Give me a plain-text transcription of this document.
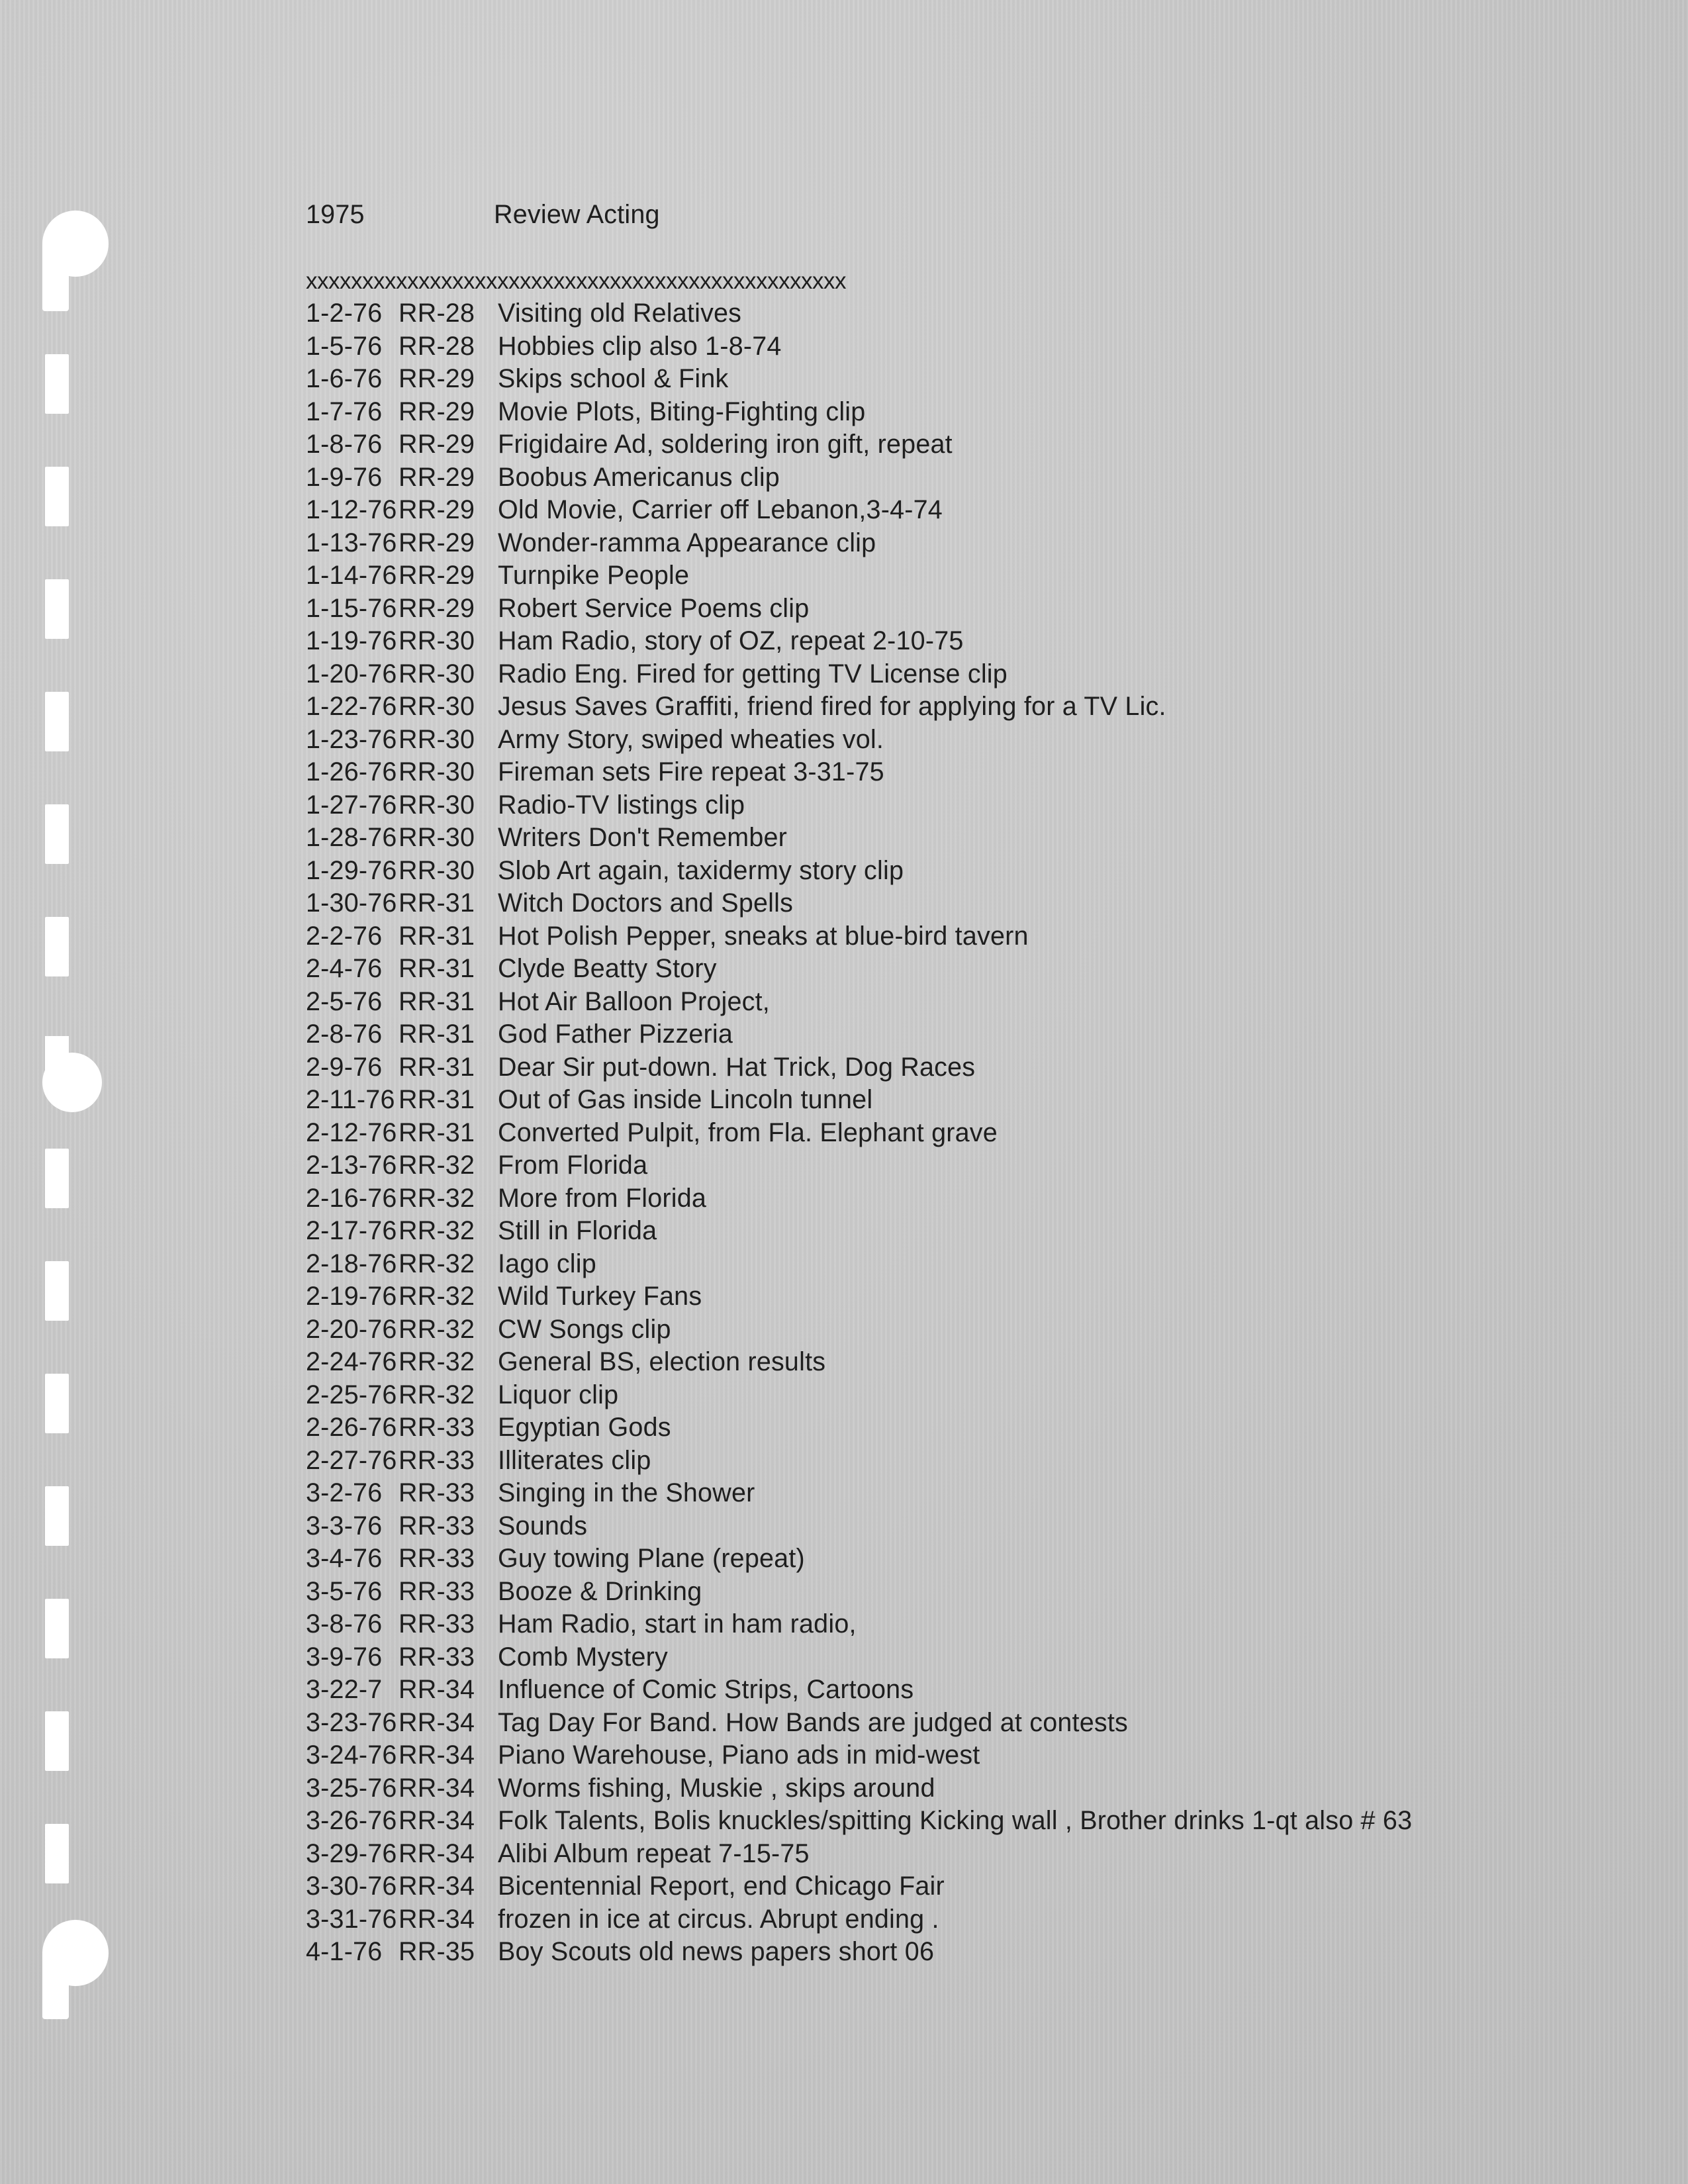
1975	Review Acting
xxxxxxxxxxxxxxxxxxxxxxxxxxxxxxxxxxxxxxxxxxxxxxxx
1-2-76 RR-28 Visiting old Relatives
1-5-76 RR-28 Hobbies clip also 1-8-74
1-6-76 RR-29 Skips school & Fink
1-7-76 RR-29 Movie Plots, Biting-Fighting clip
1-8-76 RR-29 Frigidaire Ad, soldering iron gift, repeat
1-9-76 RR-29 Boobus Americanus clip
1-12-76RR-29 Old Movie, Carrier off Lebanon,3-4-74
1-13-76RR-29 Wonder-ramma Appearance clip
1-14-76RR-29 Turnpike People
1-15-76RR-29 Robert Service Poems clip
1-19-76RR-30 Ham Radio, story of OZ, repeat 2-10-75
1-20-76RR-30 Radio Eng. Fired for getting TV License clip
1-22-76RR-30 Jesus Saves Graffiti, friend fired for applying for a TV Lic.
1-23-76RR-30 Army Story, swiped wheaties vol.
1-26-76RR-30 Fireman sets Fire repeat 3-31-75
1-27-76RR-30 Radio-TV listings clip
1-28-76RR-30 Writers Don't Remember
1-29-76RR-30 Slob Art again, taxidermy story clip
1-30-76RR-31 Witch Doctors and Spells
2-2-76 RR-31 Hot Polish Pepper, sneaks at blue-bird tavern
2-4-76 RR-31 Clyde Beatty Story
2-5-76 RR-31 Hot Air Balloon Project,
2-8-76 RR-31 God Father Pizzeria
2-9-76 RR-31 Dear Sir put-down. Hat Trick, Dog Races
2-11-76 RR-31 Out of Gas inside Lincoln tunnel
2-12-76RR-31 Converted Pulpit, from Fla. Elephant grave
2-13-76RR-32 From Florida
2-16-76RR-32 More from Florida
2-17-76RR-32 Still in Florida
2-18-76RR-32 Iago clip
2-19-76RR-32 Wild Turkey Fans
2-20-76RR-32 CW Songs clip
2-24-76RR-32 General BS, election results
2-25-76RR-32 Liquor clip
2-26-76RR-33 Egyptian Gods
2-27-76RR-33 Illiterates clip
3-2-76 RR-33 Singing in the Shower
3-3-76 RR-33 Sounds
3-4-76 RR-33 Guy towing Plane (repeat)
3-5-76 RR-33 Booze & Drinking
3-8-76 RR-33 Ham Radio, start in ham radio,
3-9-76 RR-33 Comb Mystery
3-22-7 RR-34 Influence of Comic Strips, Cartoons
3-23-76RR-34 Tag Day For Band. How Bands are judged at contests
3-24-76RR-34 Piano Warehouse, Piano ads in mid-west
3-25-76RR-34 Worms fishing, Muskie , skips around
3-26-76RR-34 Folk Talents, Bolis knuckles/spitting Kicking wall , Brother drinks 1-qt also # 63
3-29-76RR-34 Alibi Album repeat 7-15-75
3-30-76RR-34 Bicentennial Report, end Chicago Fair
3-31-76RR-34 frozen in ice at circus. Abrupt ending .
4-1-76 RR-35 Boy Scouts old news papers short 06
